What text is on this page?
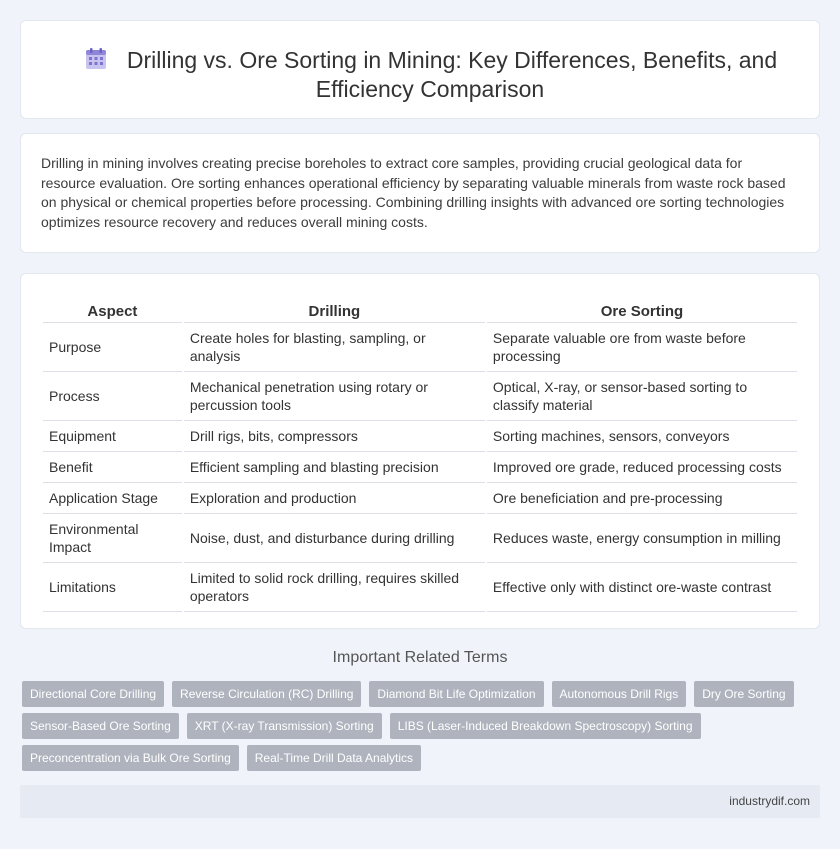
Drilling vs. Ore Sorting in Mining: Key Differences, Benefits, and Efficiency Comparison

Drilling in mining involves creating precise boreholes to extract core samples, providing crucial geological data for resource evaluation. Ore sorting enhances operational efficiency by separating valuable minerals from waste rock based on physical or chemical properties before processing. Combining drilling insights with advanced ore sorting technologies optimizes resource recovery and reduces overall mining costs.

Aspect	Drilling	Ore Sorting
Purpose	Create holes for blasting, sampling, or analysis	Separate valuable ore from waste before processing
Process	Mechanical penetration using rotary or percussion tools	Optical, X-ray, or sensor-based sorting to classify material
Equipment	Drill rigs, bits, compressors	Sorting machines, sensors, conveyors
Benefit	Efficient sampling and blasting precision	Improved ore grade, reduced processing costs
Application Stage	Exploration and production	Ore beneficiation and pre-processing
Environmental Impact	Noise, dust, and disturbance during drilling	Reduces waste, energy consumption in milling
Limitations	Limited to solid rock drilling, requires skilled operators	Effective only with distinct ore-waste contrast
Important Related Terms
Directional Core Drilling	Reverse Circulation (RC) Drilling	Diamond Bit Life Optimization	Autonomous Drill Rigs	Dry Ore Sorting
Sensor-Based Ore Sorting	XRT (X-ray Transmission) Sorting	LIBS (Laser-Induced Breakdown Spectroscopy) Sorting
Preconcentration via Bulk Ore Sorting	Real-Time Drill Data Analytics
industrydif.com
